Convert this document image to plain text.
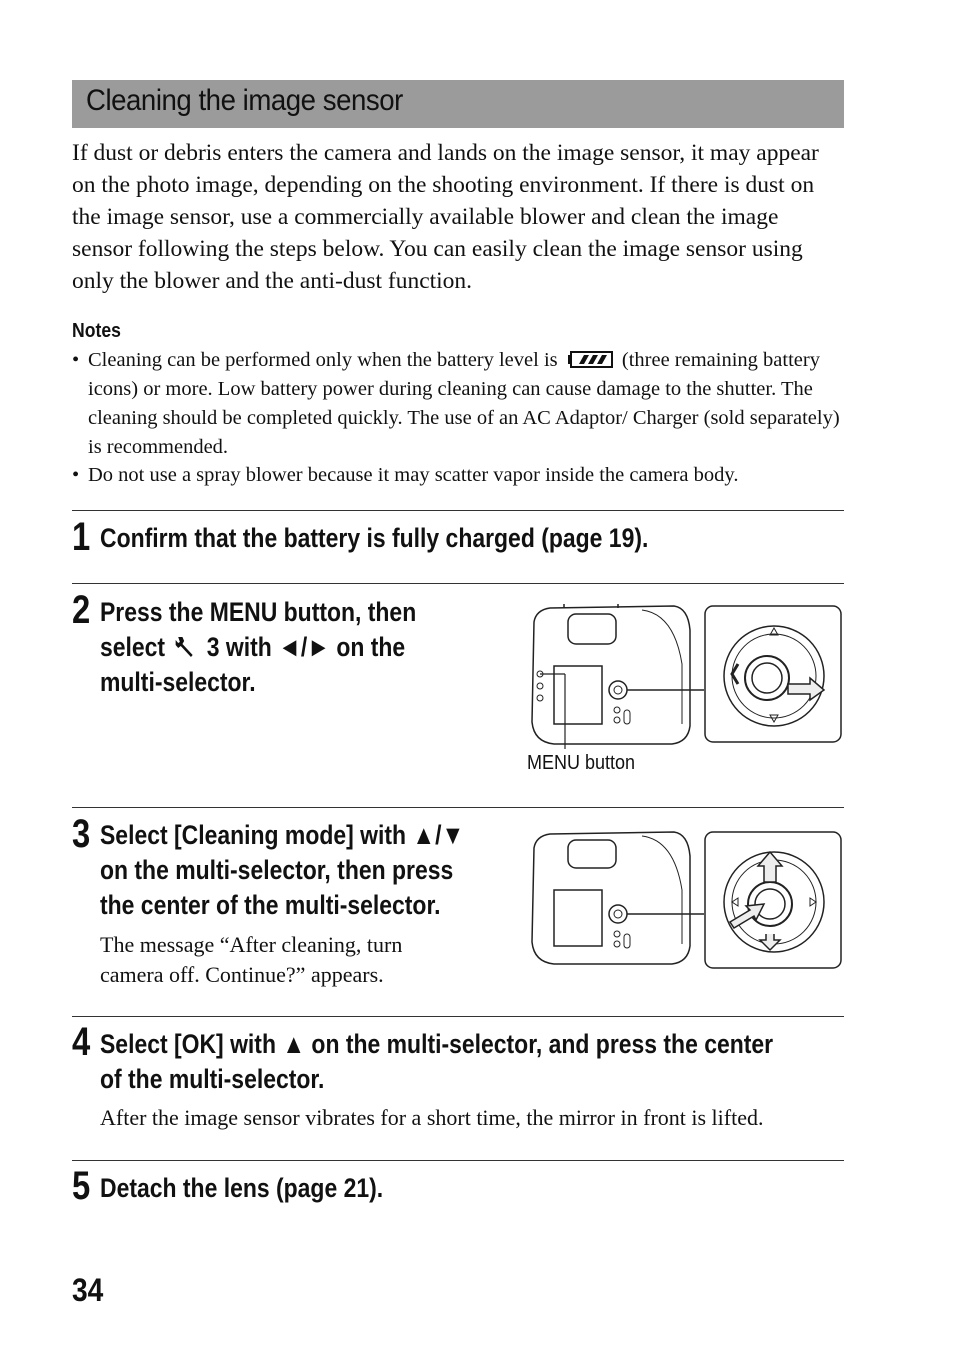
Cleaning the image sensor

If dust or debris enters the camera and lands on the image sensor, it may appear on the photo image, depending on the shooting environment. If there is dust on the image sensor, use a commercially available blower and clean the image sensor following the steps below. You can easily clean the image sensor using only the blower and the anti-dust function.

Notes
• Cleaning can be performed only when the battery level is	(three remaining battery icons) or more. Low battery power during cleaning can cause damage to the shutter. The cleaning should be completed quickly. The use of an AC Adaptor/ Charger (sold separately) is recommended.
• Do not use a spray blower because it may scatter vapor inside the camera body.
1 Confirm that the battery is fully charged (page 19).
2 Press the MENU button, then
select 3 with ◄/► on the
multi-selector.
MENU button
3 Select [Cleaning mode] with ▲/▼
on the multi-selector, then press
the center of the multi-selector.
The message “After cleaning, turn
camera off. Continue?” appears.
4 Select [OK] with ▲ on the multi-selector, and press the center
of the multi-selector.
After the image sensor vibrates for a short time, the mirror in front is lifted.
5 Detach the lens (page 21).
34
